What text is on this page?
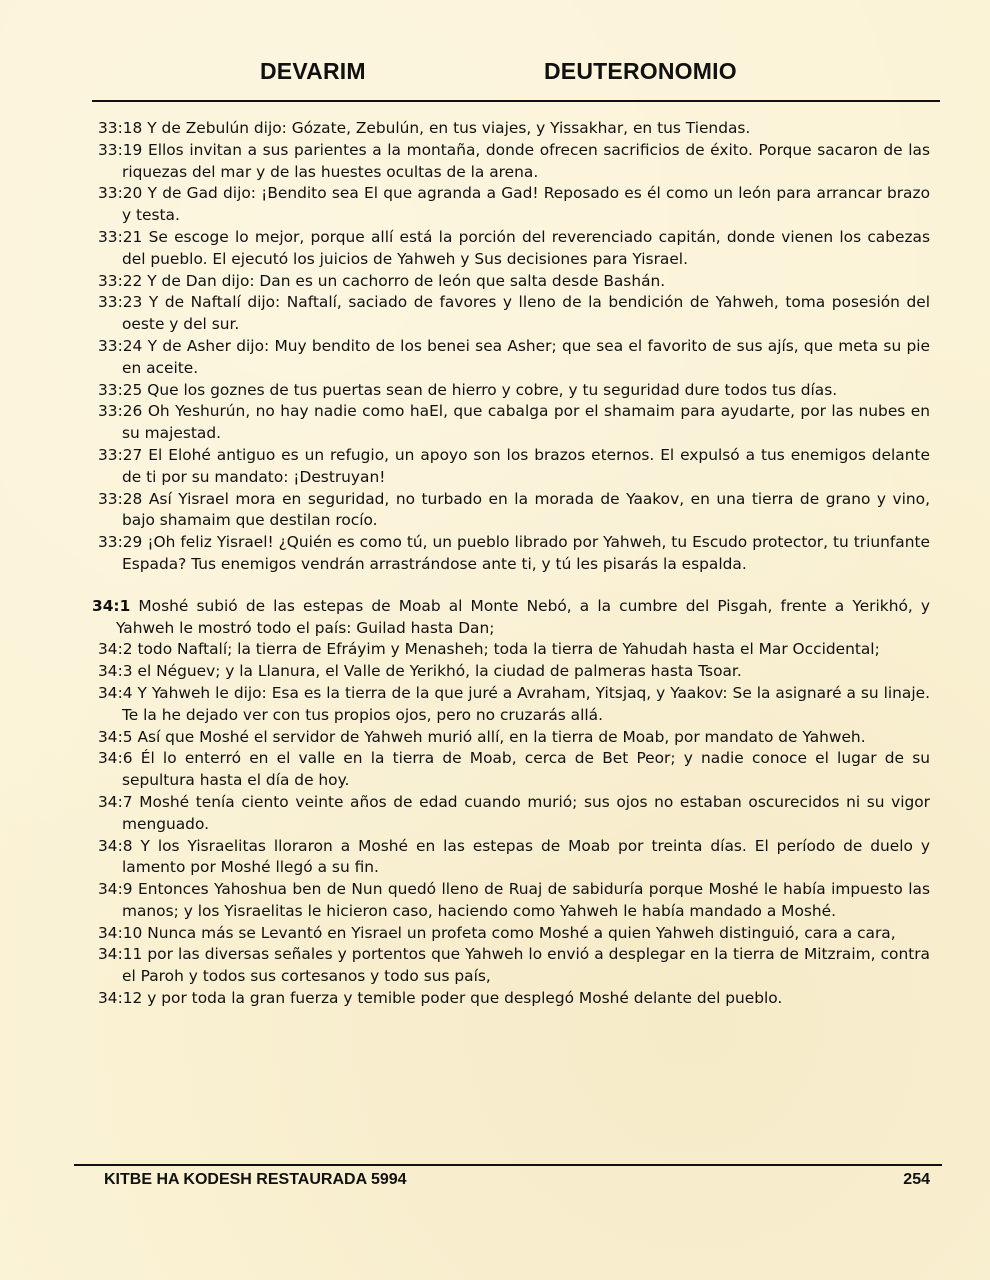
DEVARIM	DEUTERONOMIO
33:18 Y de Zebulún dijo: Gózate, Zebulún, en tus viajes, y Yissakhar, en tus Tiendas.
33:19 Ellos invitan a sus parientes a la montaña, donde ofrecen sacrificios de éxito. Porque sacaron de las riquezas del mar y de las huestes ocultas de la arena.
33:20 Y de Gad dijo: ¡Bendito sea El que agranda a Gad! Reposado es él como un león para arrancar brazo y testa.
33:21 Se escoge lo mejor, porque allí está la porción del reverenciado capitán, donde vienen los cabezas del pueblo. El ejecutó los juicios de Yahweh y Sus decisiones para Yisrael.
33:22 Y de Dan dijo: Dan es un cachorro de león que salta desde Bashán.
33:23 Y de Naftalí dijo: Naftalí, saciado de favores y lleno de la bendición de Yahweh, toma posesión del oeste y del sur.
33:24 Y de Asher dijo: Muy bendito de los benei sea Asher; que sea el favorito de sus ajís, que meta su pie en aceite.
33:25 Que los goznes de tus puertas sean de hierro y cobre, y tu seguridad dure todos tus días.
33:26 Oh Yeshurún, no hay nadie como haEl, que cabalga por el shamaim para ayudarte, por las nubes en su majestad.
33:27 El Elohé antiguo es un refugio, un apoyo son los brazos eternos. El expulsó a tus enemigos delante de ti por su mandato: ¡Destruyan!
33:28 Así Yisrael mora en seguridad, no turbado en la morada de Yaakov, en una tierra de grano y vino, bajo shamaim que destilan rocío.
33:29 ¡Oh feliz Yisrael! ¿Quién es como tú, un pueblo librado por Yahweh, tu Escudo protector, tu triunfante Espada? Tus enemigos vendrán arrastrándose ante ti, y tú les pisarás la espalda.
34:1 Moshé subió de las estepas de Moab al Monte Nebó, a la cumbre del Pisgah, frente a Yerikhó, y Yahweh le mostró todo el país: Guilad hasta Dan;
34:2 todo Naftalí; la tierra de Efráyim y Menasheh; toda la tierra de Yahudah hasta el Mar Occidental;
34:3 el Néguev; y la Llanura, el Valle de Yerikhó, la ciudad de palmeras hasta Tsoar.
34:4 Y Yahweh le dijo: Esa es la tierra de la que juré a Avraham, Yitsjaq, y Yaakov: Se la asignaré a su linaje. Te la he dejado ver con tus propios ojos, pero no cruzarás allá.
34:5 Así que Moshé el servidor de Yahweh murió allí, en la tierra de Moab, por mandato de Yahweh.
34:6 Él lo enterró en el valle en la tierra de Moab, cerca de Bet Peor; y nadie conoce el lugar de su sepultura hasta el día de hoy.
34:7 Moshé tenía ciento veinte años de edad cuando murió; sus ojos no estaban oscurecidos ni su vigor menguado.
34:8 Y los Yisraelitas lloraron a Moshé en las estepas de Moab por treinta días. El período de duelo y lamento por Moshé llegó a su fin.
34:9 Entonces Yahoshua ben de Nun quedó lleno de Ruaj de sabiduría porque Moshé le había impuesto las manos; y los Yisraelitas le hicieron caso, haciendo como Yahweh le había mandado a Moshé.
34:10 Nunca más se Levantó en Yisrael un profeta como Moshé a quien Yahweh distinguió, cara a cara,
34:11 por las diversas señales y portentos que Yahweh lo envió a desplegar en la tierra de Mitzraim, contra el Paroh y todos sus cortesanos y todo sus país,
34:12 y por toda la gran fuerza y temible poder que desplegó Moshé delante del pueblo.
KITBE HA KODESH RESTAURADA 5994	254
